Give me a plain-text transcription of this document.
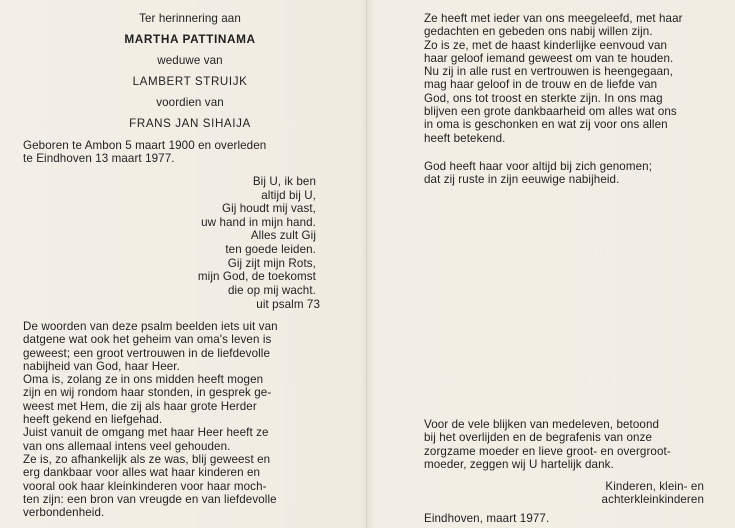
Ter herinnering aan
MARTHA PATTINAMA
weduwe van
LAMBERT STRUIJK
voordien van
FRANS JAN SIHAIJA
Geboren te Ambon 5 maart 1900 en overleden
te Eindhoven 13 maart 1977.
Bij U, ik ben
altijd bij U,
Gij houdt mij vast,
uw hand in mijn hand.
Alles zult Gij
ten goede leiden.
Gij zijt mijn Rots,
mijn God, de toekomst
die op mij wacht.
uit psalm 73
De woorden van deze psalm beelden iets uit van
datgene wat ook het geheim van oma's leven is
geweest; een groot vertrouwen in de liefdevolle
nabijheid van God, haar Heer.
Oma is, zolang ze in ons midden heeft mogen
zijn en wij rondom haar stonden, in gesprek ge-
weest met Hem, die zij als haar grote Herder
heeft gekend en liefgehad.
Juist vanuit de omgang met haar Heer heeft ze
van ons allemaal intens veel gehouden.
Ze is, zo afhankelijk als ze was, blij geweest en
erg dankbaar voor alles wat haar kinderen en
vooral ook haar kleinkinderen voor haar moch-
ten zijn: een bron van vreugde en van liefdevolle
verbondenheid.
Ze heeft met ieder van ons meegeleefd, met haar
gedachten en gebeden ons nabij willen zijn.
Zo is ze, met de haast kinderlijke eenvoud van
haar geloof iemand geweest om van te houden.
Nu zij in alle rust en vertrouwen is heengegaan,
mag haar geloof in de trouw en de liefde van
God, ons tot troost en sterkte zijn. In ons mag
blijven een grote dankbaarheid om alles wat ons
in oma is geschonken en wat zij voor ons allen
heeft betekend.
God heeft haar voor altijd bij zich genomen;
dat zij ruste in zijn eeuwige nabijheid.
Voor de vele blijken van medeleven, betoond
bij het overlijden en de begrafenis van onze
zorgzame moeder en lieve groot- en overgroot-
moeder, zeggen wij U hartelijk dank.
Kinderen, klein- en
achterkleinkinderen
Eindhoven, maart 1977.
